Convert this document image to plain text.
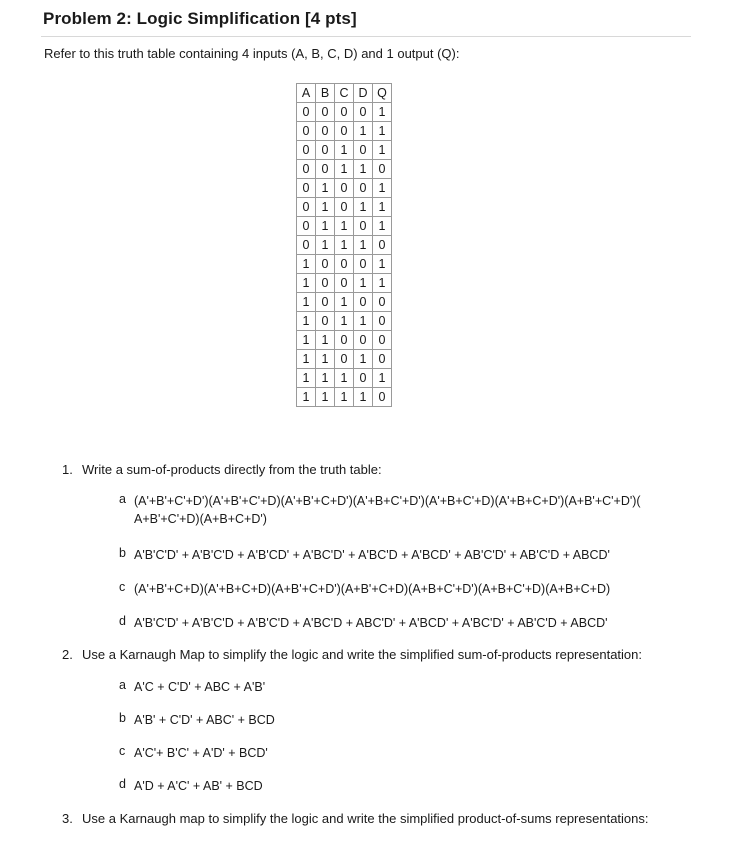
Problem 2: Logic Simplification [4 pts]

Refer to this truth table containing 4 inputs (A, B, C, D) and 1 output (Q):

A	B	C	D	Q
0	0	0	0	1
0	0	0	1	1
0	0	1	0	1
0	0	1	1	0
0	1	0	0	1
0	1	0	1	1
0	1	1	0	1
0	1	1	1	0
1	0	0	0	1
1	0	0	1	1
1	0	1	0	0
1	0	1	1	0
1	1	0	0	0
1	1	0	1	0
1	1	1	0	1
1	1	1	1	0

1. Write a sum-of-products directly from the truth table:

a (A'+B'+C'+D')(A'+B'+C'+D)(A'+B'+C+D')(A'+B+C'+D')(A'+B+C'+D)(A'+B+C+D')(A+B'+C'+D')(
A+B'+C'+D)(A+B+C+D')
b A'B'C'D' + A'B'C'D + A'B'CD' + A'BC'D' + A'BC'D + A'BCD' + AB'C'D' + AB'C'D + ABCD'
c (A'+B'+C+D)(A'+B+C+D)(A+B'+C+D')(A+B'+C+D)(A+B+C'+D')(A+B+C'+D)(A+B+C+D)
d A'B'C'D' + A'B'C'D + A'B'C'D + A'BC'D + ABC'D' + A'BCD' + A'BC'D' + AB'C'D + ABCD'

2. Use a Karnaugh Map to simplify the logic and write the simplified sum-of-products representation:

a A'C + C'D' + ABC + A'B'
b A'B' + C'D' + ABC' + BCD
c A'C'+ B'C' + A'D' + BCD'
d A'D + A'C' + AB' + BCD

3. Use a Karnaugh map to simplify the logic and write the simplified product-of-sums representations:
